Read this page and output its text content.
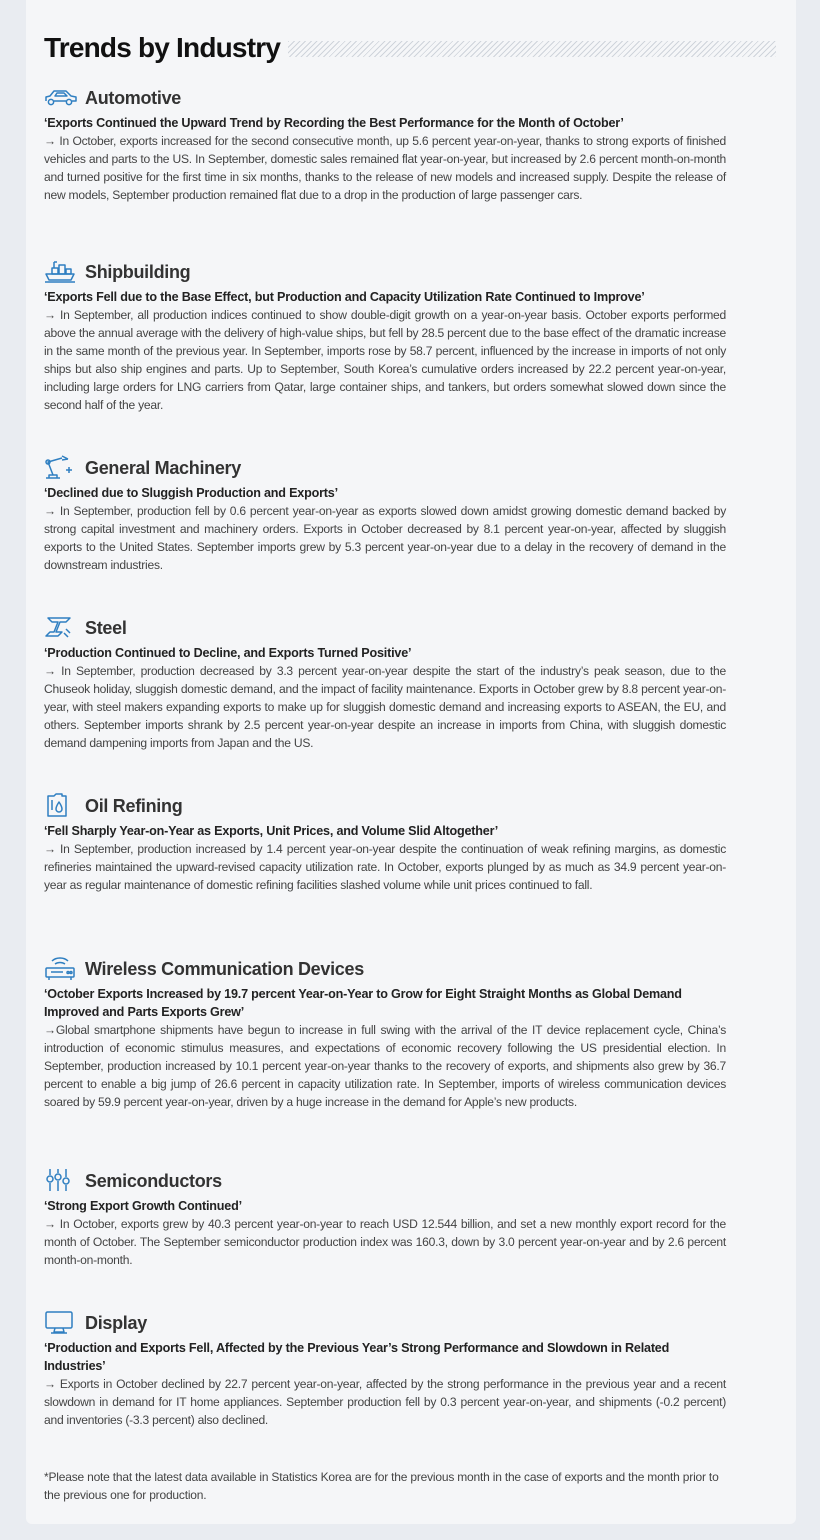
Trends by Industry
Automotive
‘Exports Continued the Upward Trend by Recording the Best Performance for the Month of October’
→ In October, exports increased for the second consecutive month, up 5.6 percent year-on-year, thanks to strong exports of finished vehicles and parts to the US. In September, domestic sales remained flat year-on-year, but increased by 2.6 percent month-on-month and turned positive for the first time in six months, thanks to the release of new models and increased supply. Despite the release of new models, September production remained flat due to a drop in the production of large passenger cars.
Shipbuilding
‘Exports Fell due to the Base Effect, but Production and Capacity Utilization Rate Continued to Improve’
→ In September, all production indices continued to show double-digit growth on a year-on-year basis. October exports performed above the annual average with the delivery of high-value ships, but fell by 28.5 percent due to the base effect of the dramatic increase in the same month of the previous year. In September, imports rose by 58.7 percent, influenced by the increase in imports of not only ships but also ship engines and parts. Up to September, South Korea’s cumulative orders increased by 22.2 percent year-on-year, including large orders for LNG carriers from Qatar, large container ships, and tankers, but orders somewhat slowed down since the second half of the year.
General Machinery
‘Declined due to Sluggish Production and Exports’
→ In September, production fell by 0.6 percent year-on-year as exports slowed down amidst growing domestic demand backed by strong capital investment and machinery orders. Exports in October decreased by 8.1 percent year-on-year, affected by sluggish exports to the United States. September imports grew by 5.3 percent year-on-year due to a delay in the recovery of demand in the downstream industries.
Steel
‘Production Continued to Decline, and Exports Turned Positive’
→ In September, production decreased by 3.3 percent year-on-year despite the start of the industry’s peak season, due to the Chuseok holiday, sluggish domestic demand, and the impact of facility maintenance. Exports in October grew by 8.8 percent year-on-year, with steel makers expanding exports to make up for sluggish domestic demand and increasing exports to ASEAN, the EU, and others. September imports shrank by 2.5 percent year-on-year despite an increase in imports from China, with sluggish domestic demand dampening imports from Japan and the US.
Oil Refining
‘Fell Sharply Year-on-Year as Exports, Unit Prices, and Volume Slid Altogether’
→ In September, production increased by 1.4 percent year-on-year despite the continuation of weak refining margins, as domestic refineries maintained the upward-revised capacity utilization rate. In October, exports plunged by as much as 34.9 percent year-on-year as regular maintenance of domestic refining facilities slashed volume while unit prices continued to fall.
Wireless Communication Devices
‘October Exports Increased by 19.7 percent Year-on-Year to Grow for Eight Straight Months as Global Demand Improved and Parts Exports Grew’
→Global smartphone shipments have begun to increase in full swing with the arrival of the IT device replacement cycle, China’s introduction of economic stimulus measures, and expectations of economic recovery following the US presidential election. In September, production increased by 10.1 percent year-on-year thanks to the recovery of exports, and shipments also grew by 36.7 percent to enable a big jump of 26.6 percent in capacity utilization rate. In September, imports of wireless communication devices soared by 59.9 percent year-on-year, driven by a huge increase in the demand for Apple’s new products.
Semiconductors
‘Strong Export Growth Continued’
→ In October, exports grew by 40.3 percent year-on-year to reach USD 12.544 billion, and set a new monthly export record for the month of October. The September semiconductor production index was 160.3, down by 3.0 percent year-on-year and by 2.6 percent month-on-month.
Display
‘Production and Exports Fell, Affected by the Previous Year’s Strong Performance and Slowdown in Related Industries’
→ Exports in October declined by 22.7 percent year-on-year, affected by the strong performance in the previous year and a recent slowdown in demand for IT home appliances. September production fell by 0.3 percent year-on-year, and shipments (-0.2 percent) and inventories (-3.3 percent) also declined.
*Please note that the latest data available in Statistics Korea are for the previous month in the case of exports and the month prior to the previous one for production.
